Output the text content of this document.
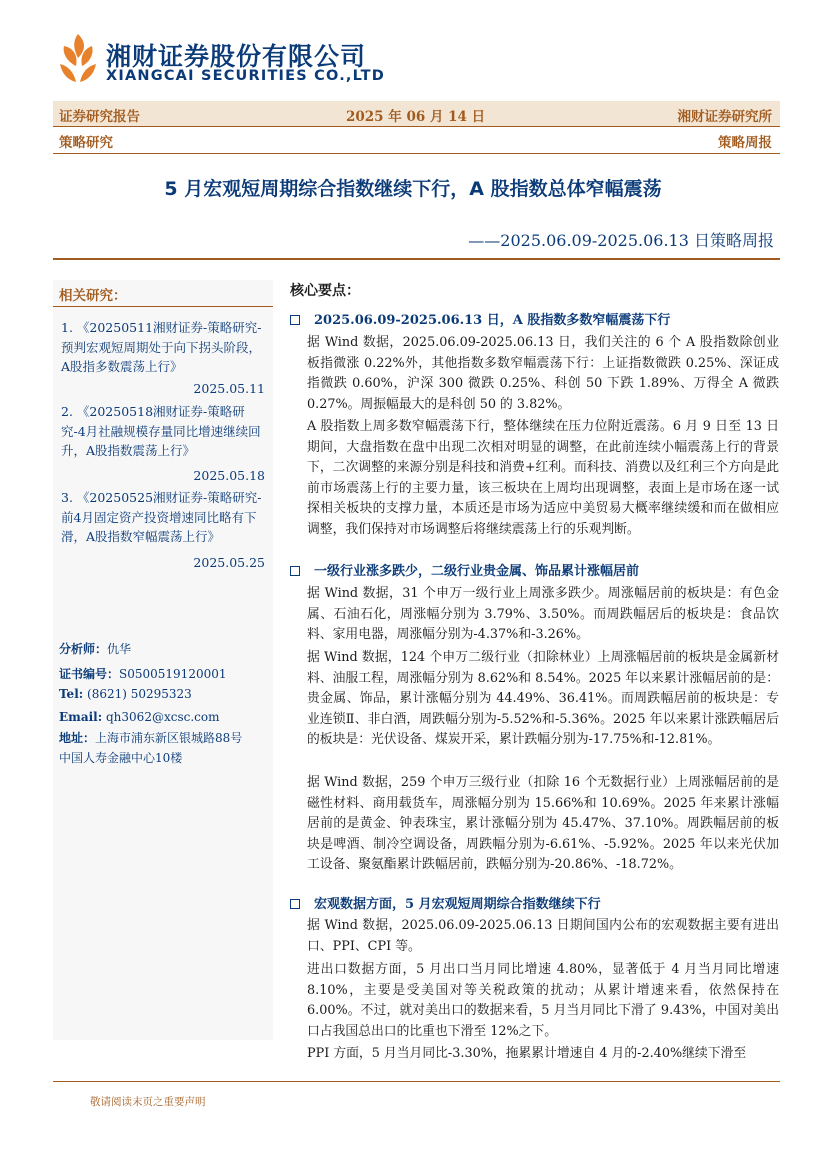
湘财证券股份有限公司
XIANGCAI SECURITIES CO.,LTD
证券研究报告	2025 年 06 月 14 日	湘财证券研究所
策略研究	策略周报
5 月宏观短周期综合指数继续下行，A 股指数总体窄幅震荡
——2025.06.09-2025.06.13 日策略周报
相关研究：
1. 《20250511湘财证券-策略研究-预判宏观短周期处于向下拐头阶段，A股指多数震荡上行》
2025.05.11
2. 《20250518湘财证券-策略研究-4月社融规模存量同比增速继续回升，A股指数震荡上行》
2025.05.18
3. 《20250525湘财证券-策略研究-前4月固定资产投资增速同比略有下滑，A股指数窄幅震荡上行》
2025.05.25
分析师：仇华
证书编号：S0500519120001
Tel: (8621) 50295323
Email: qh3062@xcsc.com
地址：上海市浦东新区银城路88号
中国人寿金融中心10楼
核心要点：
2025.06.09-2025.06.13 日，A 股指数多数窄幅震荡下行
据 Wind 数据，2025.06.09-2025.06.13 日，我们关注的 6 个 A 股指数除创业板指微涨 0.22%外，其他指数多数窄幅震荡下行：上证指数微跌 0.25%、深证成指微跌 0.60%，沪深 300 微跌 0.25%、科创 50 下跌 1.89%、万得全 A 微跌 0.27%。周振幅最大的是科创 50 的 3.82%。
A 股指数上周多数窄幅震荡下行，整体继续在压力位附近震荡。6 月 9 日至 13 日期间，大盘指数在盘中出现二次相对明显的调整，在此前连续小幅震荡上行的背景下，二次调整的来源分别是科技和消费+红利。而科技、消费以及红利三个方向是此前市场震荡上行的主要力量，该三板块在上周均出现调整，表面上是市场在逐一试探相关板块的支撑力量，本质还是市场为适应中美贸易大概率继续缓和而在做相应调整，我们保持对市场调整后将继续震荡上行的乐观判断。
一级行业涨多跌少，二级行业贵金属、饰品累计涨幅居前
据 Wind 数据，31 个申万一级行业上周涨多跌少。周涨幅居前的板块是：有色金属、石油石化，周涨幅分别为 3.79%、3.50%。而周跌幅居后的板块是：食品饮料、家用电器，周涨幅分别为-4.37%和-3.26%。
据 Wind 数据，124 个申万二级行业（扣除林业）上周涨幅居前的板块是金属新材料、油服工程，周涨幅分别为 8.62%和 8.54%。2025 年以来累计涨幅居前的是：贵金属、饰品，累计涨幅分别为 44.49%、36.41%。而周跌幅居前的板块是：专业连锁Ⅱ、非白酒，周跌幅分别为-5.52%和-5.36%。2025 年以来累计涨跌幅居后的板块是：光伏设备、煤炭开采，累计跌幅分别为-17.75%和-12.81%。
据 Wind 数据，259 个申万三级行业（扣除 16 个无数据行业）上周涨幅居前的是磁性材料、商用载货车，周涨幅分别为 15.66%和 10.69%。2025 年来累计涨幅居前的是黄金、钟表珠宝，累计涨幅分别为 45.47%、37.10%。周跌幅居前的板块是啤酒、制冷空调设备，周跌幅分别为-6.61%、-5.92%。2025 年以来光伏加工设备、聚氨酯累计跌幅居前，跌幅分别为-20.86%、-18.72%。
宏观数据方面，5 月宏观短周期综合指数继续下行
据 Wind 数据，2025.06.09-2025.06.13 日期间国内公布的宏观数据主要有进出口、PPI、CPI 等。
进出口数据方面，5 月出口当月同比增速 4.80%，显著低于 4 月当月同比增速 8.10%，主要是受美国对等关税政策的扰动；从累计增速来看，依然保持在 6.00%。不过，就对美出口的数据来看，5 月当月同比下滑了 9.43%，中国对美出口占我国总出口的比重也下滑至 12%之下。
PPI 方面，5 月当月同比-3.30%，拖累累计增速自 4 月的-2.40%继续下滑至
敬请阅读末页之重要声明
